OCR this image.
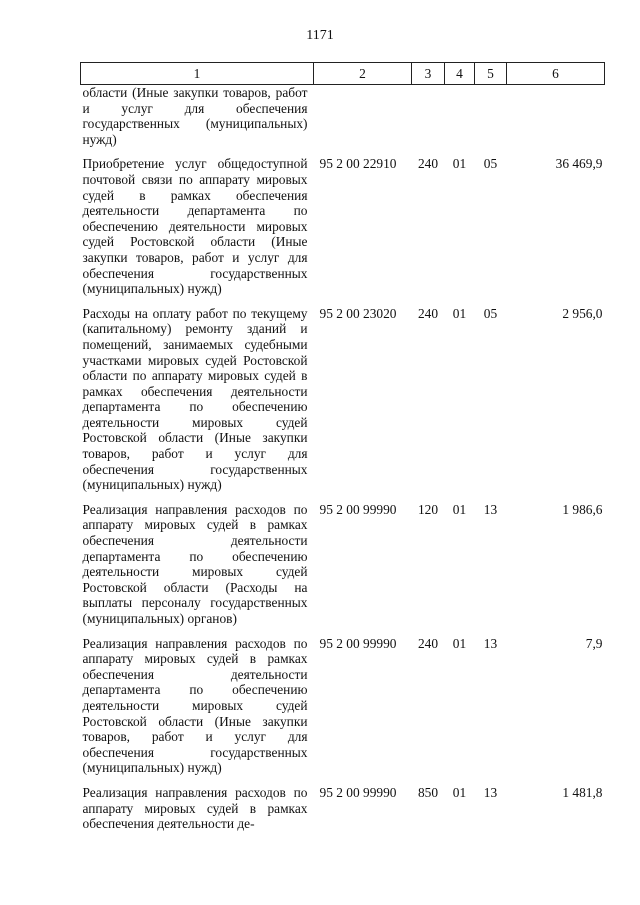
1171
1	2	3	4	5	6
области (Иные закупки товаров, работ и услуг для обеспечения государственных (муниципальных) нужд)					
Приобретение услуг общедоступной почтовой связи по аппарату мировых судей в рамках обеспечения деятельности департамента по обеспечению деятельности мировых судей Ростовской области (Иные закупки товаров, работ и услуг для обеспечения государственных (муниципальных) нужд)	95 2 00 22910	240	01	05	36 469,9
Расходы на оплату работ по текущему (капитальному) ремонту зданий и помещений, занимаемых судебными участками мировых судей Ростовской области по аппарату мировых судей в рамках обеспечения деятельности департамента по обеспечению деятельности мировых судей Ростовской области (Иные закупки товаров, работ и услуг для обеспечения государственных (муниципальных) нужд)	95 2 00 23020	240	01	05	2 956,0
Реализация направления расходов по аппарату мировых судей в рамках обеспечения деятельности департамента по обеспечению деятельности мировых судей Ростовской области (Расходы на выплаты персоналу государственных (муниципальных) органов)	95 2 00 99990	120	01	13	1 986,6
Реализация направления расходов по аппарату мировых судей в рамках обеспечения деятельности департамента по обеспечению деятельности мировых судей Ростовской области (Иные закупки товаров, работ и услуг для обеспечения государственных (муниципальных) нужд)	95 2 00 99990	240	01	13	7,9
Реализация направления расходов по аппарату мировых судей в рамках обеспечения деятельности де-	95 2 00 99990	850	01	13	1 481,8
